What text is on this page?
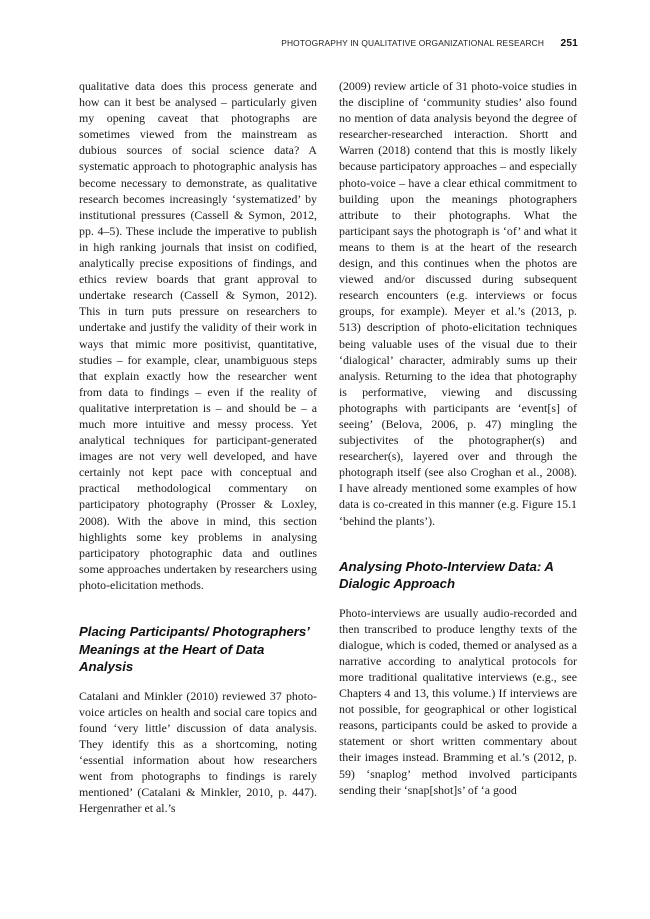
PHOTOGRAPHY IN QUALITATIVE ORGANIZATIONAL RESEARCH 251

qualitative data does this process generate and how can it best be analysed – particularly given my opening caveat that photographs are sometimes viewed from the mainstream as dubious sources of social science data? A systematic approach to photographic analysis has become necessary to demonstrate, as qualitative research becomes increasingly ‘systematized’ by institutional pressures (Cassell & Symon, 2012, pp. 4–5). These include the imperative to publish in high ranking journals that insist on codified, analytically precise expositions of findings, and ethics review boards that grant approval to undertake research (Cassell & Symon, 2012). This in turn puts pressure on researchers to undertake and justify the validity of their work in ways that mimic more positivist, quantitative, studies – for example, clear, unambiguous steps that explain exactly how the researcher went from data to findings – even if the reality of qualitative interpretation is – and should be – a much more intuitive and messy process. Yet analytical techniques for participant-generated images are not very well developed, and have certainly not kept pace with conceptual and practical methodological commentary on participatory photography (Prosser & Loxley, 2008). With the above in mind, this section highlights some key problems in analysing participatory photographic data and outlines some approaches undertaken by researchers using photo-elicitation methods.

Placing Participants/ Photographers’ Meanings at the Heart of Data Analysis

Catalani and Minkler (2010) reviewed 37 photo-voice articles on health and social care topics and found ‘very little’ discussion of data analysis. They identify this as a shortcoming, noting ‘essential information about how researchers went from photographs to findings is rarely mentioned’ (Catalani & Minkler, 2010, p. 447). Hergenrather et al.’s

(2009) review article of 31 photo-voice studies in the discipline of ‘community studies’ also found no mention of data analysis beyond the degree of researcher-researched interaction. Shortt and Warren (2018) contend that this is mostly likely because participatory approaches – and especially photo-voice – have a clear ethical commitment to building upon the meanings photographers attribute to their photographs. What the participant says the photograph is ‘of’ and what it means to them is at the heart of the research design, and this continues when the photos are viewed and/or discussed during subsequent research encounters (e.g. interviews or focus groups, for example). Meyer et al.’s (2013, p. 513) description of photo-elicitation techniques being valuable uses of the visual due to their ‘dialogical’ character, admirably sums up their analysis. Returning to the idea that photography is performative, viewing and discussing photographs with participants are ‘event[s] of seeing’ (Belova, 2006, p. 47) mingling the subjectivites of the photographer(s) and researcher(s), layered over and through the photograph itself (see also Croghan et al., 2008). I have already mentioned some examples of how data is co-created in this manner (e.g. Figure 15.1 ‘behind the plants’).

Analysing Photo-Interview Data: A Dialogic Approach

Photo-interviews are usually audio-recorded and then transcribed to produce lengthy texts of the dialogue, which is coded, themed or analysed as a narrative according to analytical protocols for more traditional qualitative interviews (e.g., see Chapters 4 and 13, this volume.) If interviews are not possible, for geographical or other logistical reasons, participants could be asked to provide a statement or short written commentary about their images instead. Bramming et al.’s (2012, p. 59) ‘snaplog’ method involved participants sending their ‘snap[shot]s’ of ‘a good
